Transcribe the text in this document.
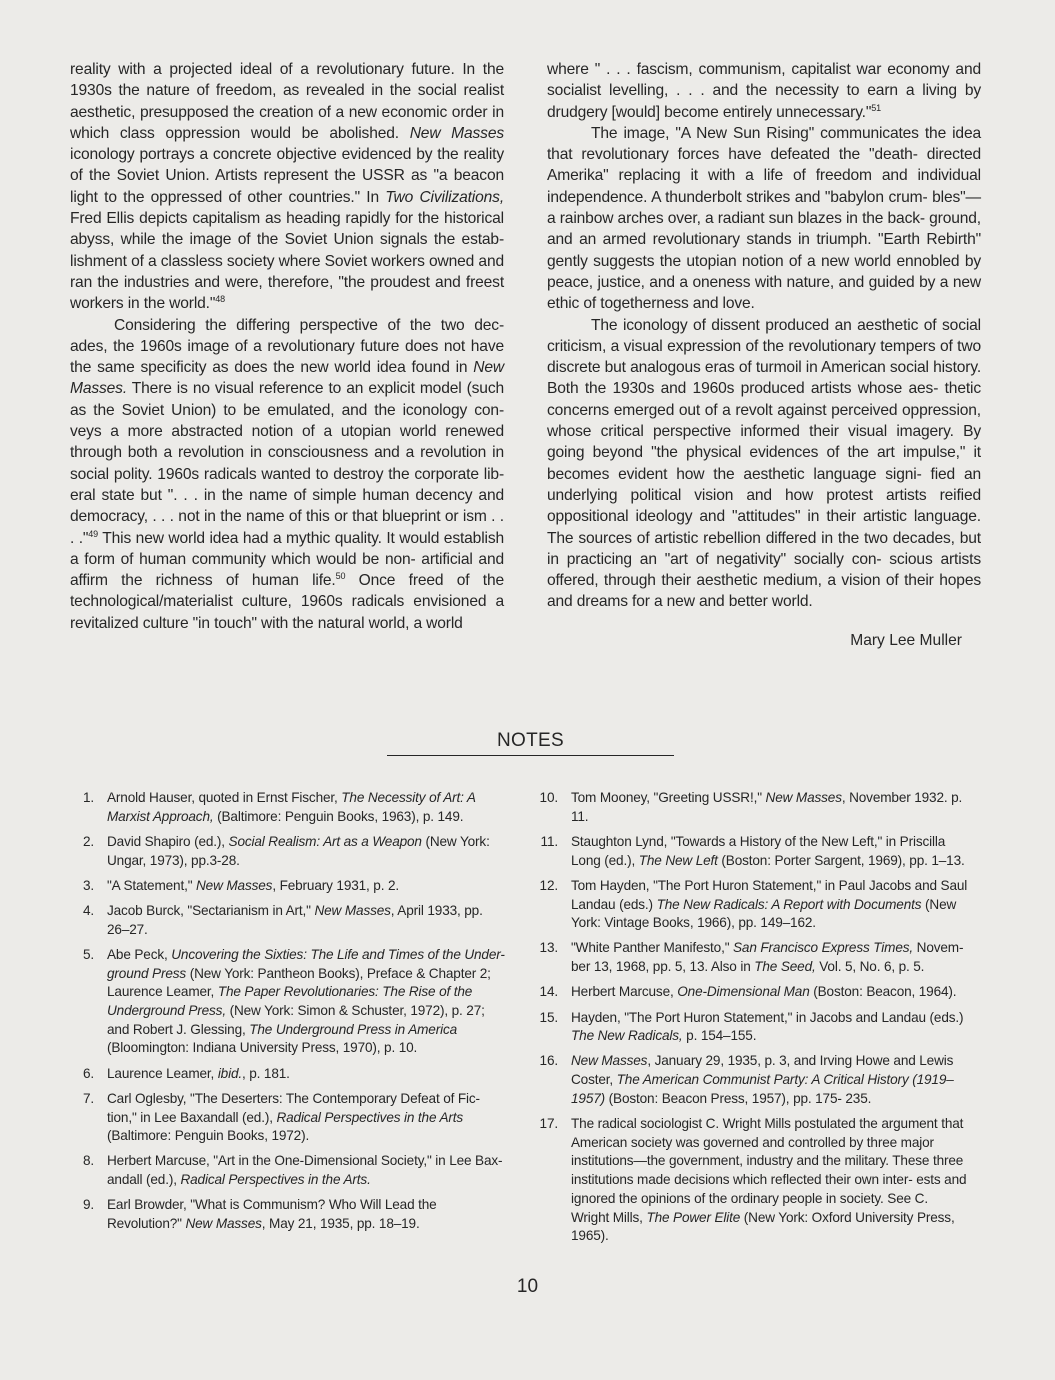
reality with a projected ideal of a revolutionary future. In the 1930s the nature of freedom, as revealed in the social realist aesthetic, presupposed the creation of a new economic order in which class oppression would be abolished. New Masses iconology portrays a concrete objective evidenced by the reality of the Soviet Union. Artists represent the USSR as "a beacon light to the oppressed of other countries." In Two Civilizations, Fred Ellis depicts capitalism as heading rapidly for the historical abyss, while the image of the Soviet Union signals the estab- lishment of a classless society where Soviet workers owned and ran the industries and were, therefore, "the proudest and freest workers in the world."$^{48}$

Considering the differing perspective of the two dec- ades, the 1960s image of a revolutionary future does not have the same specificity as does the new world idea found in New Masses. There is no visual reference to an explicit model (such as the Soviet Union) to be emulated, and the iconology con- veys a more abstracted notion of a utopian world renewed through both a revolution in consciousness and a revolution in social polity. 1960s radicals wanted to destroy the corporate lib- eral state but ". . . in the name of simple human decency and democracy, . . . not in the name of this or that blueprint or ism . . . ."$^{49}$ This new world idea had a mythic quality. It would establish a form of human community which would be non- artificial and affirm the richness of human life.$^{50}$ Once freed of the technological/materialist culture, 1960s radicals envisioned a revitalized culture "in touch" with the natural world, a world

where " . . . fascism, communism, capitalist war economy and socialist levelling, . . . and the necessity to earn a living by drudgery [would] become entirely unnecessary."$^{51}$

The image, "A New Sun Rising" communicates the idea that revolutionary forces have defeated the "death- directed Amerika" replacing it with a life of freedom and individual independence. A thunderbolt strikes and "babylon crum- bles"—a rainbow arches over, a radiant sun blazes in the back- ground, and an armed revolutionary stands in triumph. "Earth Rebirth" gently suggests the utopian notion of a new world ennobled by peace, justice, and a oneness with nature, and guided by a new ethic of togetherness and love.

The iconology of dissent produced an aesthetic of social criticism, a visual expression of the revolutionary tempers of two discrete but analogous eras of turmoil in American social history. Both the 1930s and 1960s produced artists whose aes- thetic concerns emerged out of a revolt against perceived oppression, whose critical perspective informed their visual imagery. By going beyond "the physical evidences of the art impulse," it becomes evident how the aesthetic language signi- fied an underlying political vision and how protest artists reified oppositional ideology and "attitudes" in their artistic language. The sources of artistic rebellion differed in the two decades, but in practicing an "art of negativity" socially con- scious artists offered, through their aesthetic medium, a vision of their hopes and dreams for a new and better world.

Mary Lee Muller
NOTES
1. Arnold Hauser, quoted in Ernst Fischer, The Necessity of Art: A Marxist Approach, (Baltimore: Penguin Books, 1963), p. 149.
2. David Shapiro (ed.), Social Realism: Art as a Weapon (New York: Ungar, 1973), pp.3-28.
3. "A Statement," New Masses, February 1931, p. 2.
4. Jacob Burck, "Sectarianism in Art," New Masses, April 1933, pp. 26–27.
5. Abe Peck, Uncovering the Sixties: The Life and Times of the Under- ground Press (New York: Pantheon Books), Preface & Chapter 2; Laurence Leamer, The Paper Revolutionaries: The Rise of the Underground Press, (New York: Simon & Schuster, 1972), p. 27; and Robert J. Glessing, The Underground Press in America (Bloomington: Indiana University Press, 1970), p. 10.
6. Laurence Leamer, ibid., p. 181.
7. Carl Oglesby, "The Deserters: The Contemporary Defeat of Fic- tion," in Lee Baxandall (ed.), Radical Perspectives in the Arts (Baltimore: Penguin Books, 1972).
8. Herbert Marcuse, "Art in the One-Dimensional Society," in Lee Bax- andall (ed.), Radical Perspectives in the Arts.
9. Earl Browder, "What is Communism? Who Will Lead the Revolution?" New Masses, May 21, 1935, pp. 18–19.
10. Tom Mooney, "Greeting USSR!," New Masses, November 1932. p. 11.
11. Staughton Lynd, "Towards a History of the New Left," in Priscilla Long (ed.), The New Left (Boston: Porter Sargent, 1969), pp. 1–13.
12. Tom Hayden, "The Port Huron Statement," in Paul Jacobs and Saul Landau (eds.) The New Radicals: A Report with Documents (New York: Vintage Books, 1966), pp. 149–162.
13. "White Panther Manifesto," San Francisco Express Times, Novem- ber 13, 1968, pp. 5, 13. Also in The Seed, Vol. 5, No. 6, p. 5.
14. Herbert Marcuse, One-Dimensional Man (Boston: Beacon, 1964).
15. Hayden, "The Port Huron Statement," in Jacobs and Landau (eds.) The New Radicals, p. 154–155.
16. New Masses, January 29, 1935, p. 3, and Irving Howe and Lewis Coster, The American Communist Party: A Critical History (1919– 1957) (Boston: Beacon Press, 1957), pp. 175- 235.
17. The radical sociologist C. Wright Mills postulated the argument that American society was governed and controlled by three major institutions—the government, industry and the military. These three institutions made decisions which reflected their own inter- ests and ignored the opinions of the ordinary people in society. See C. Wright Mills, The Power Elite (New York: Oxford University Press, 1965).
10
